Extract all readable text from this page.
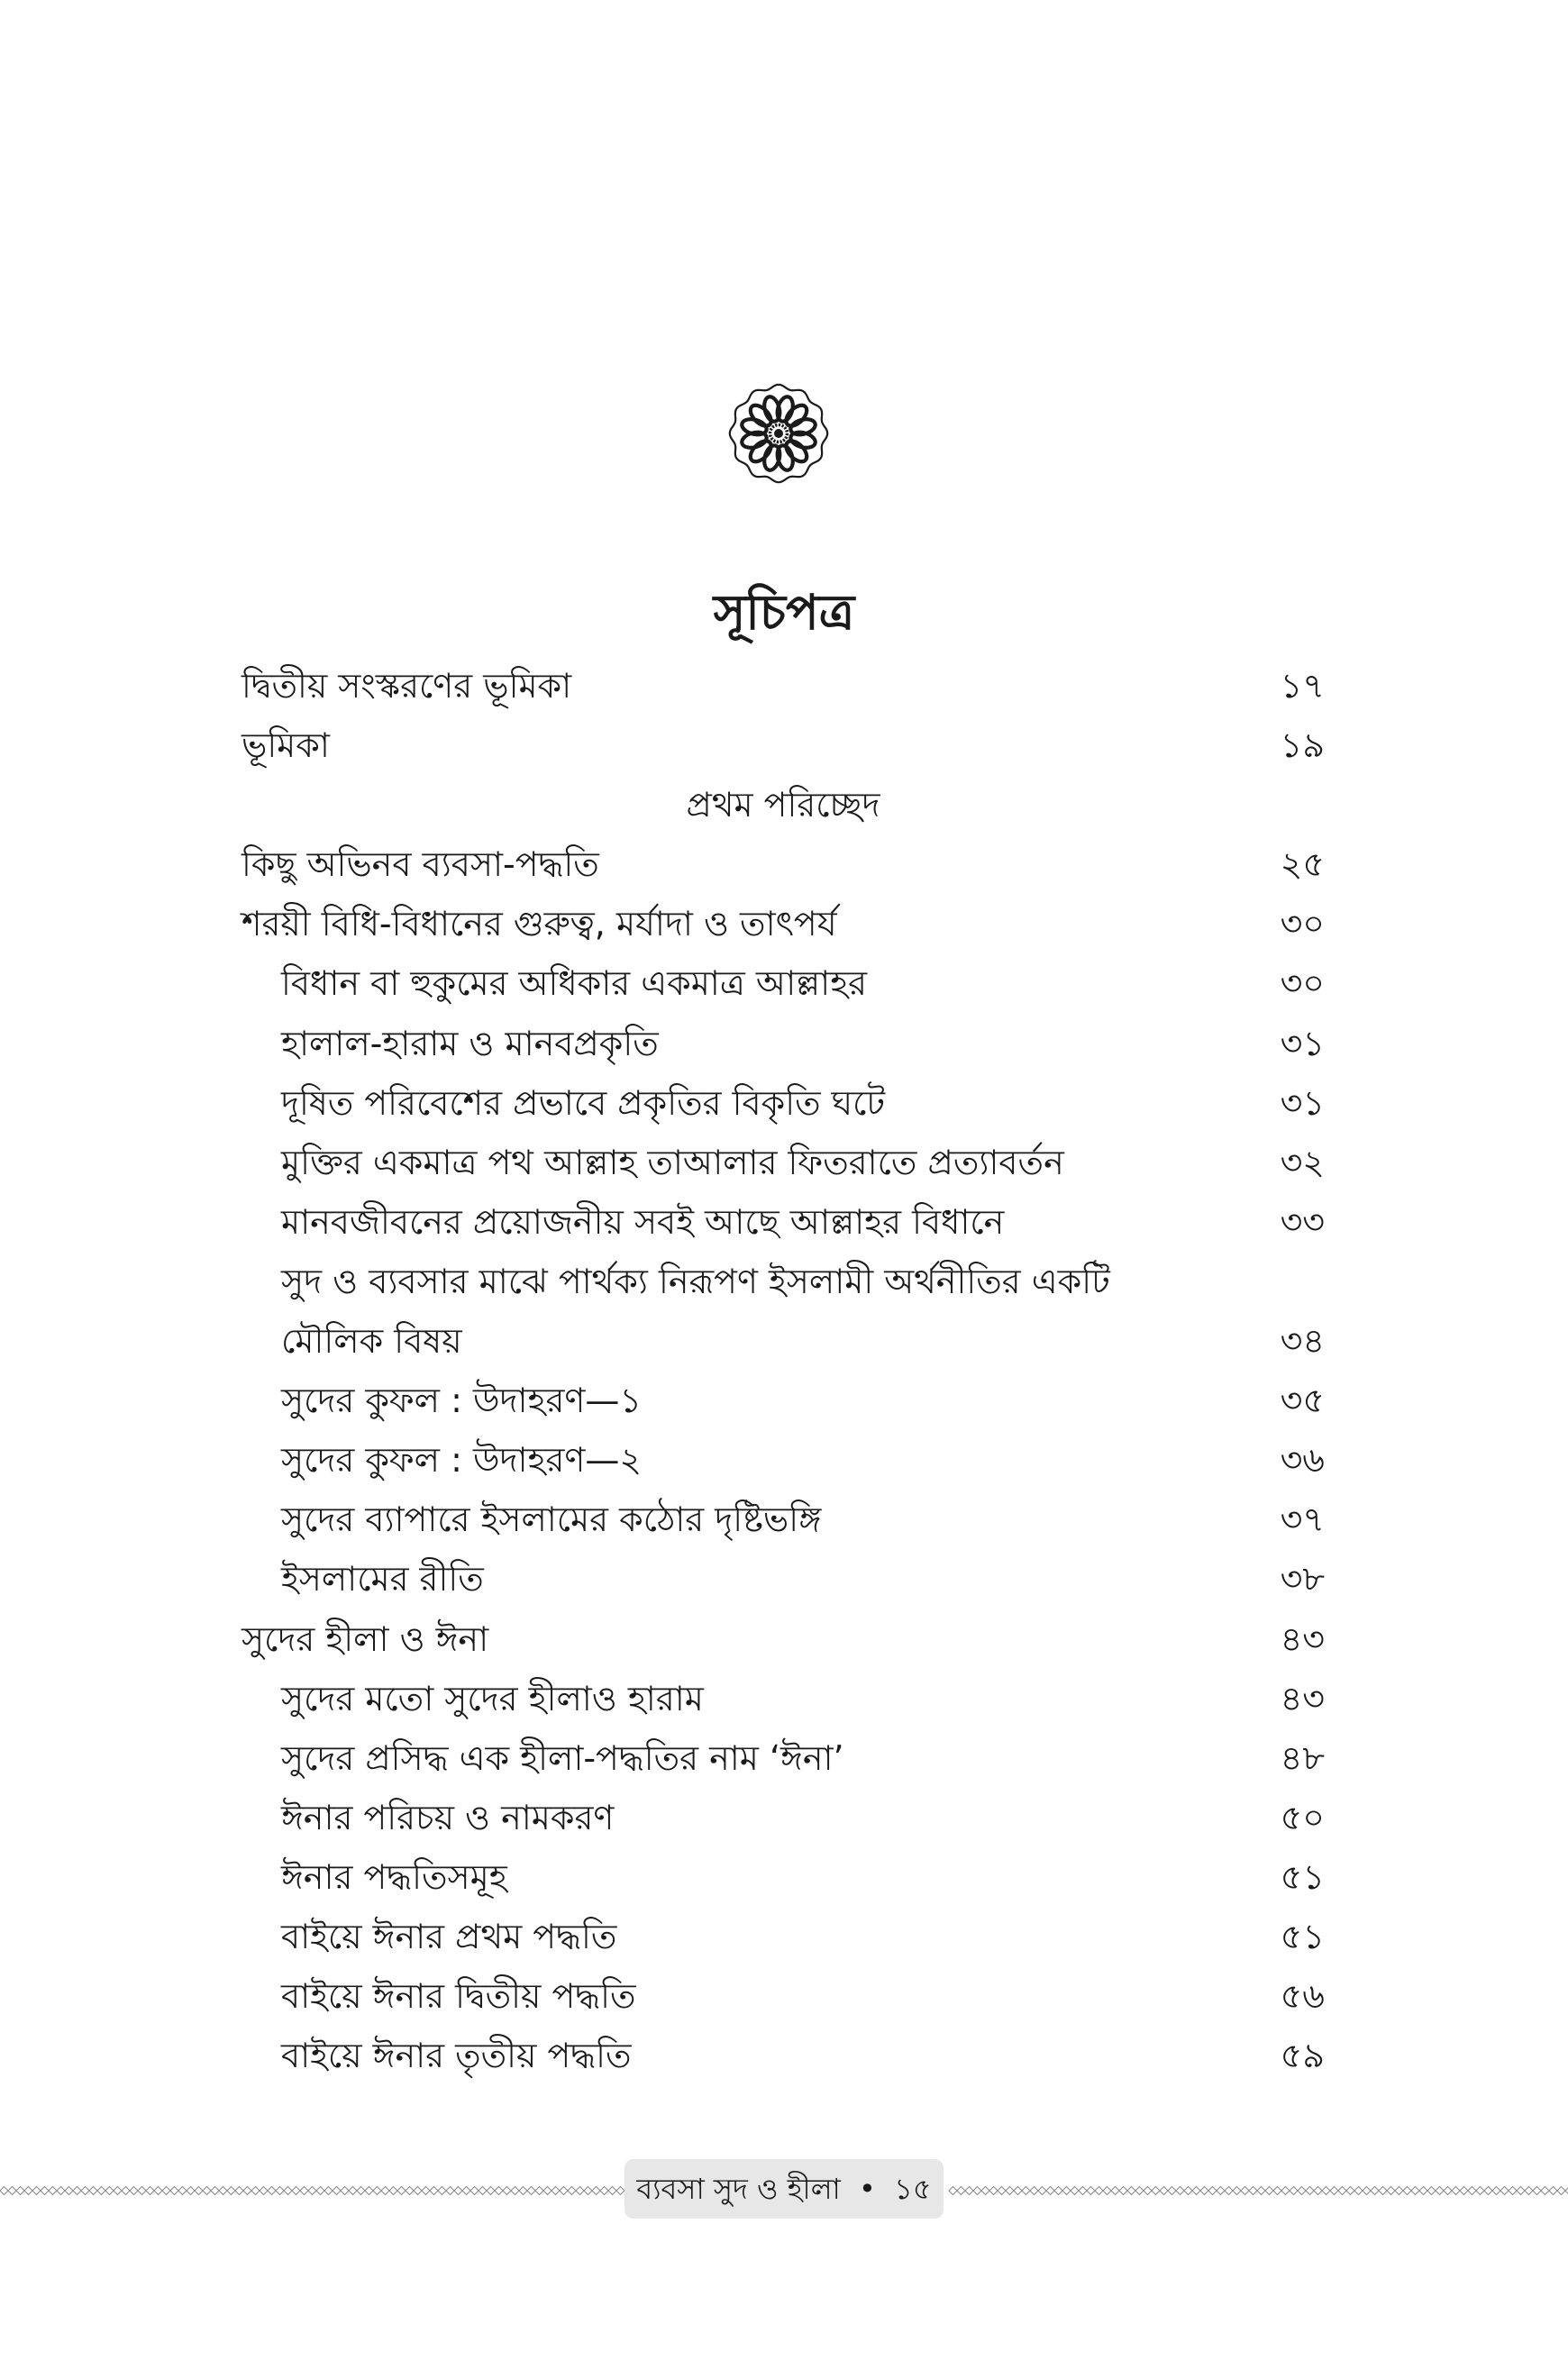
সূচিপত্র
দ্বিতীয় সংস্করণের ভূমিকা	১৭
ভূমিকা	১৯
প্রথম পরিচ্ছেদ
কিছু অভিনব ব্যবসা-পদ্ধতি	২৫
শরয়ী বিধি-বিধানের গুরুত্ব, মর্যাদা ও তাৎপর্য	৩০
বিধান বা হুকুমের অধিকার একমাত্র আল্লাহর	৩০
হালাল-হারাম ও মানবপ্রকৃতি	৩১
দূষিত পরিবেশের প্রভাবে প্রকৃতির বিকৃতি ঘটে	৩১
মুক্তির একমাত্র পথ আল্লাহ তাআলার ফিতরাতে প্রত্যাবর্তন	৩২
মানবজীবনের প্রয়োজনীয় সবই আছে আল্লাহর বিধানে	৩৩
সুদ ও ব্যবসার মাঝে পার্থক্য নিরূপণ ইসলামী অর্থনীতির একটি
মৌলিক বিষয়	৩৪
সুদের কুফল : উদাহরণ—১	৩৫
সুদের কুফল : উদাহরণ—২	৩৬
সুদের ব্যাপারে ইসলামের কঠোর দৃষ্টিভঙ্গি	৩৭
ইসলামের রীতি	৩৮
সুদের হীলা ও ঈনা	৪৩
সুদের মতো সুদের হীলাও হারাম	৪৩
সুদের প্রসিদ্ধ এক হীলা-পদ্ধতির নাম ‘ঈনা’	৪৮
ঈনার পরিচয় ও নামকরণ	৫০
ঈনার পদ্ধতিসমূহ	৫১
বাইয়ে ঈনার প্রথম পদ্ধতি	৫১
বাইয়ে ঈনার দ্বিতীয় পদ্ধতি	৫৬
বাইয়ে ঈনার তৃতীয় পদ্ধতি	৫৯
ব্যবসা সুদ ও হীলা • ১৫
